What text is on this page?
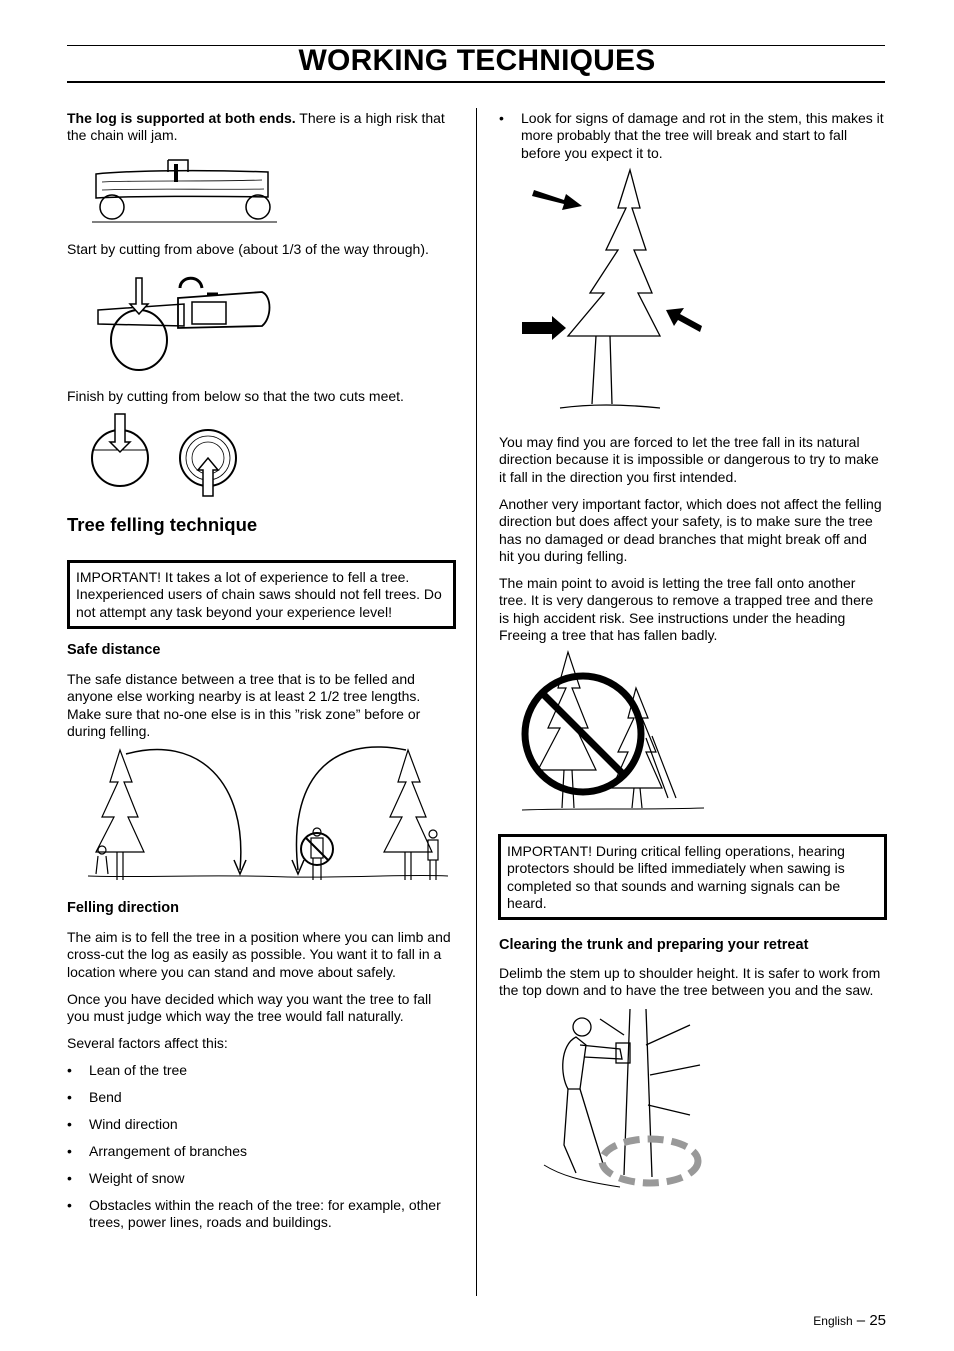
WORKING TECHNIQUES
The log is supported at both ends. There is a high risk that the chain will jam.
Start by cutting from above (about 1/3 of the way through).
Finish by cutting from below so that the two cuts meet.
Tree felling technique
IMPORTANT! It takes a lot of experience to fell a tree. Inexperienced users of chain saws should not fell trees. Do not attempt any task beyond your experience level!
Safe distance
The safe distance between a tree that is to be felled and anyone else working nearby is at least 2 1/2 tree lengths. Make sure that no-one else is in this ”risk zone” before or during felling.
Felling direction
The aim is to fell the tree in a position where you can limb and cross-cut the log as easily as possible. You want it to fall in a location where you can stand and move about safely.
Once you have decided which way you want the tree to fall you must judge which way the tree would fall naturally.
Several factors affect this:
• Lean of the tree
• Bend
• Wind direction
• Arrangement of branches
• Weight of snow
• Obstacles within the reach of the tree: for example, other trees, power lines, roads and buildings.
• Look for signs of damage and rot in the stem, this makes it more probably that the tree will break and start to fall before you expect it to.
You may find you are forced to let the tree fall in its natural direction because it is impossible or dangerous to try to make it fall in the direction you first intended.
Another very important factor, which does not affect the felling direction but does affect your safety, is to make sure the tree has no damaged or dead branches that might break off and hit you during felling.
The main point to avoid is letting the tree fall onto another tree. It is very dangerous to remove a trapped tree and there is high accident risk. See instructions under the heading Freeing a tree that has fallen badly.
IMPORTANT! During critical felling operations, hearing protectors should be lifted immediately when sawing is completed so that sounds and warning signals can be heard.
Clearing the trunk and preparing your retreat
Delimb the stem up to shoulder height. It is safer to work from the top down and to have the tree between you and the saw.
English – 25
